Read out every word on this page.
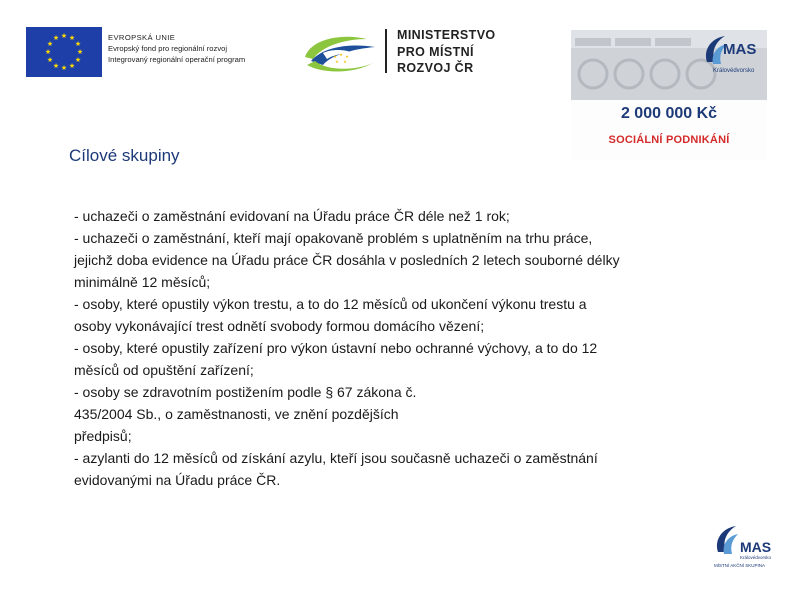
★ ★
★
★
★
★
★
★
★
★
★
★	EVROPSKÁ UNIE
Evropský fond pro regionální rozvoj
Integrovaný regionální operační program	★ ★ ★
★ ★
MINISTERSTVO
PRO MÍSTNÍ
ROZVOJ ČR
MAS
Královédvorsko
2 000 000 Kč
SOCIÁLNÍ PODNIKÁNÍ
Cílové skupiny

- uchazeči o zaměstnání evidovaní na Úřadu práce ČR déle než 1 rok;

- uchazeči o zaměstnání, kteří mají opakovaně problém s uplatněním na trhu práce,

jejichž doba evidence na Úřadu práce ČR dosáhla v posledních 2 letech souborné délky

minimálně 12 měsíců;

- osoby, které opustily výkon trestu, a to do 12 měsíců od ukončení výkonu trestu a

osoby vykonávající trest odnětí svobody formou domácího vězení;

- osoby, které opustily zařízení pro výkon ústavní nebo ochranné výchovy, a to do 12

měsíců od opuštění zařízení;

- osoby se zdravotním postižením podle § 67 zákona č.

435/2004 Sb., o zaměstnanosti, ve znění pozdějších

předpisů;

- azylanti do 12 měsíců od získání azylu, kteří jsou současně uchazeči o zaměstnání

evidovanými na Úřadu práce ČR.

MAS
Královédvorsko
MÍSTNÍ AKČNÍ SKUPINA
